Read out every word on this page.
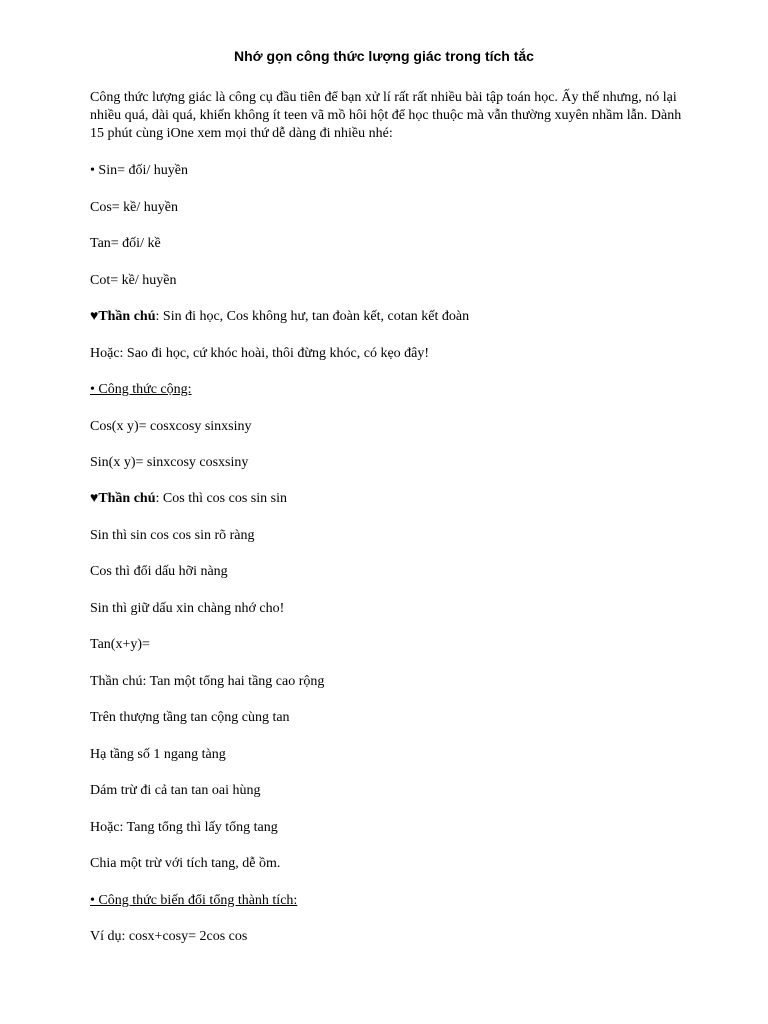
Nhớ gọn công thức lượng giác trong tích tắc

Công thức lượng giác là công cụ đầu tiên để bạn xử lí rất rất nhiều bài tập toán học. Ấy thế nhưng, nó lại nhiều quá, dài quá, khiến không ít teen vã mồ hôi hột để học thuộc mà vẫn thường xuyên nhầm lẫn. Dành 15 phút cùng iOne xem mọi thứ dễ dàng đi nhiều nhé:

• Sin= đối/ huyền

Cos= kề/ huyền

Tan= đối/ kề

Cot= kề/ huyền

♥Thần chú: Sin đi học, Cos không hư, tan đoàn kết, cotan kết đoàn

Hoặc: Sao đi học, cứ khóc hoài, thôi đừng khóc, có kẹo đây!

• Công thức cộng:

Cos(x y)= cosxcosy sinxsiny

Sin(x y)= sinxcosy cosxsiny

♥Thần chú: Cos thì cos cos sin sin

Sin thì sin cos cos sin rõ ràng

Cos thì đổi dấu hỡi nàng

Sin thì giữ dấu xin chàng nhớ cho!

Tan(x+y)=

Thần chú: Tan một tổng hai tầng cao rộng

Trên thượng tầng tan cộng cùng tan

Hạ tầng số 1 ngang tàng

Dám trừ đi cả tan tan oai hùng

Hoặc: Tang tổng thì lấy tổng tang

Chia một trừ với tích tang, dễ ồm.

• Công thức biến đổi tổng thành tích:

Ví dụ: cosx+cosy= 2cos cos
